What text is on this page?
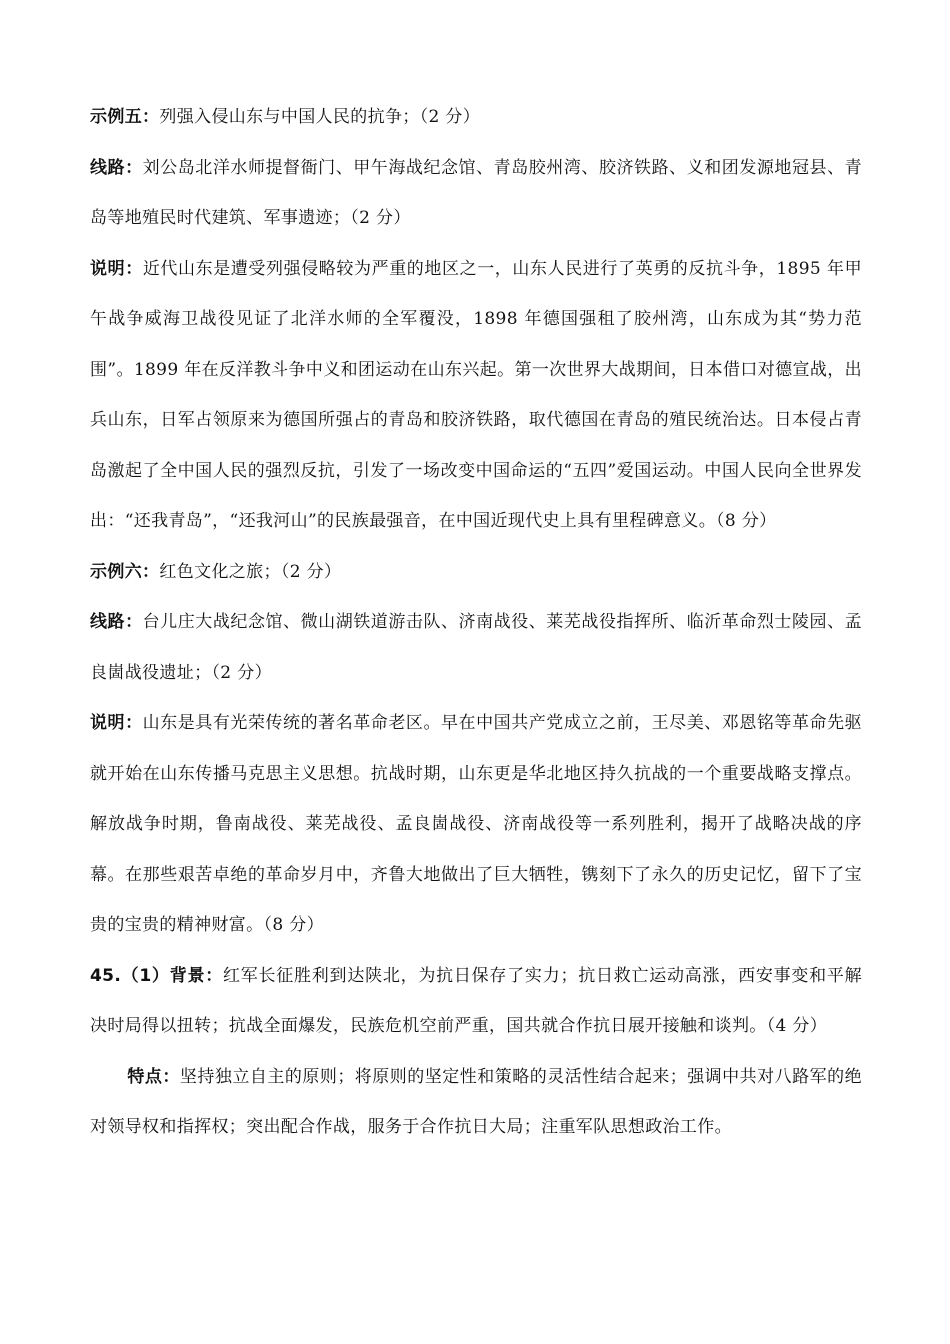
示例五：列强入侵山东与中国人民的抗争；（2 分）

线路：刘公岛北洋水师提督衙门、甲午海战纪念馆、青岛胶州湾、胶济铁路、义和团发源地冠县、青岛等地殖民时代建筑、军事遗迹；（2 分）

说明：近代山东是遭受列强侵略较为严重的地区之一，山东人民进行了英勇的反抗斗争，1895 年甲午战争威海卫战役见证了北洋水师的全军覆没，1898 年德国强租了胶州湾，山东成为其“势力范围”。1899 年在反洋教斗争中义和团运动在山东兴起。第一次世界大战期间，日本借口对德宣战，出兵山东，日军占领原来为德国所强占的青岛和胶济铁路，取代德国在青岛的殖民统治达。日本侵占青岛激起了全中国人民的强烈反抗，引发了一场改变中国命运的“五四”爱国运动。中国人民向全世界发出：“还我青岛”，“还我河山”的民族最强音，在中国近现代史上具有里程碑意义。（8 分）

示例六：红色文化之旅；（2 分）

线路：台儿庄大战纪念馆、微山湖铁道游击队、济南战役、莱芜战役指挥所、临沂革命烈士陵园、孟良崮战役遗址；（2 分）

说明：山东是具有光荣传统的著名革命老区。早在中国共产党成立之前，王尽美、邓恩铭等革命先驱就开始在山东传播马克思主义思想。抗战时期，山东更是华北地区持久抗战的一个重要战略支撑点。解放战争时期，鲁南战役、莱芜战役、孟良崮战役、济南战役等一系列胜利，揭开了战略决战的序幕。在那些艰苦卓绝的革命岁月中，齐鲁大地做出了巨大牺牲，镌刻下了永久的历史记忆，留下了宝贵的宝贵的精神财富。（8 分）

45.（1）背景：红军长征胜利到达陕北，为抗日保存了实力；抗日救亡运动高涨，西安事变和平解决时局得以扭转；抗战全面爆发，民族危机空前严重，国共就合作抗日展开接触和谈判。（4 分）

特点：坚持独立自主的原则；将原则的坚定性和策略的灵活性结合起来；强调中共对八路军的绝对领导权和指挥权；突出配合作战，服务于合作抗日大局；注重军队思想政治工作。
